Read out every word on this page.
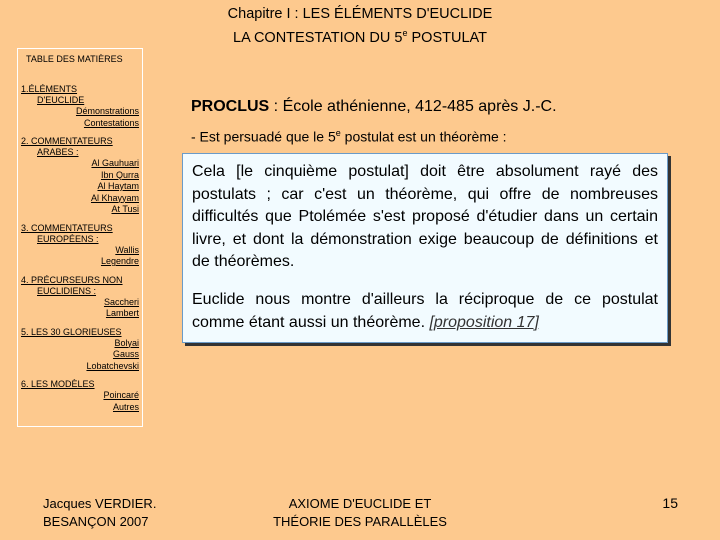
Chapitre I : LES ÉLÉMENTS D'EUCLIDE
LA CONTESTATION DU 5e POSTULAT
TABLE DES MATIÈRES
1.ÉLÉMENTS
D'EUCLIDE
Démonstrations
Contestations
2. COMMENTATEURS
ARABES :
Al Gauhuari
Ibn Qurra
Al Haytam
Al Khayyam
At Tusi
3. COMMENTATEURS
EUROPÉENS :
Wallis
Legendre
4. PRÉCURSEURS NON
EUCLIDIENS :
Saccheri
Lambert
5. LES 30 GLORIEUSES
Bolyai
Gauss
Lobatchevski
6. LES MODÈLES
Poincaré
Autres
PROCLUS : École athénienne, 412-485 après J.-C.
- Est persuadé que le 5e postulat est un théorème :

Cela [le cinquième postulat] doit être absolument rayé des postulats ; car c'est un théorème, qui offre de nombreuses difficultés que Ptolémée s'est proposé d'étudier dans un certain livre, et dont la démonstration exige beaucoup de définitions et de théorèmes.

Euclide nous montre d'ailleurs la réciproque de ce postulat comme étant aussi un théorème. [proposition 17]

Jacques VERDIER.
BESANÇON 2007
AXIOME D'EUCLIDE ET
THÉORIE DES PARALLÈLES
15
